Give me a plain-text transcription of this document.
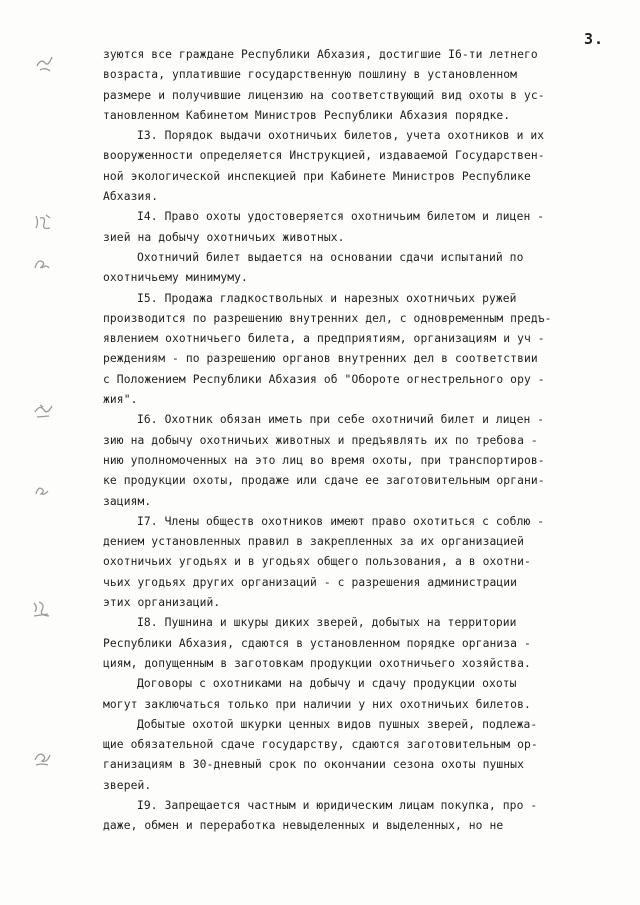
3.
зуются все граждане Республики Абхазия, достигшие I6-ти летнего
возраста, уплатившие государственную пошлину в установленном
размере и получившие лицензию на соответствующий вид охоты в ус-
тановленном Кабинетом Министров Республики Абхазия порядке.
I3. Порядок выдачи охотничьих билетов, учета охотников и их
вооруженности определяется Инструкцией, издаваемой Государствен-
ной экологической инспекцией при Кабинете Министров Республике
Абхазия.
I4. Право охоты удостоверяется охотничьим билетом и лицен -
зией на добычу охотничьих животных.
Охотничий билет выдается на основании сдачи испытаний по
охотничьему минимуму.
I5. Продажа гладкоствольных и нарезных охотничьих ружей
производится по разрешению внутренних дел, с одновременным предъ-
явлением охотничьего билета, а предприятиям, организациям и уч -
реждениям - по разрешению органов внутренних дел в соответствии
с Положением Республики Абхазия об "Обороте огнестрельного ору -
жия".
I6. Охотник обязан иметь при себе охотничий билет и лицен -
зию на добычу охотничьих животных и предъявлять их по требова -
нию уполномоченных на это лиц во время охоты, при транспортиров-
ке продукции охоты, продаже или сдаче ее заготовительным органи-
зациям.
I7. Члены обществ охотников имеют право охотиться с соблю -
дением установленных правил в закрепленных за их организацией
охотничьих угодьях и в угодьях общего пользования, а в охотни-
чьих угодьях других организаций - с разрешения администрации
этих организаций.
I8. Пушнина и шкуры диких зверей, добытых на территории
Республики Абхазия, сдаются в установленном порядке организа -
циям, допущенным в заготовкам продукции охотничьего хозяйства.
Договоры с охотниками на добычу и сдачу продукции охоты
могут заключаться только при наличии у них охотничьих билетов.
Добытые охотой шкурки ценных видов пушных зверей, подлежа-
щие обязательной сдаче государству, сдаются заготовительным ор-
ганизациям в 30-дневный срок по окончании сезона охоты пушных
зверей.
I9. Запрещается частным и юридическим лицам покупка, про -
даже, обмен и переработка невыделенных и выделенных, но не
